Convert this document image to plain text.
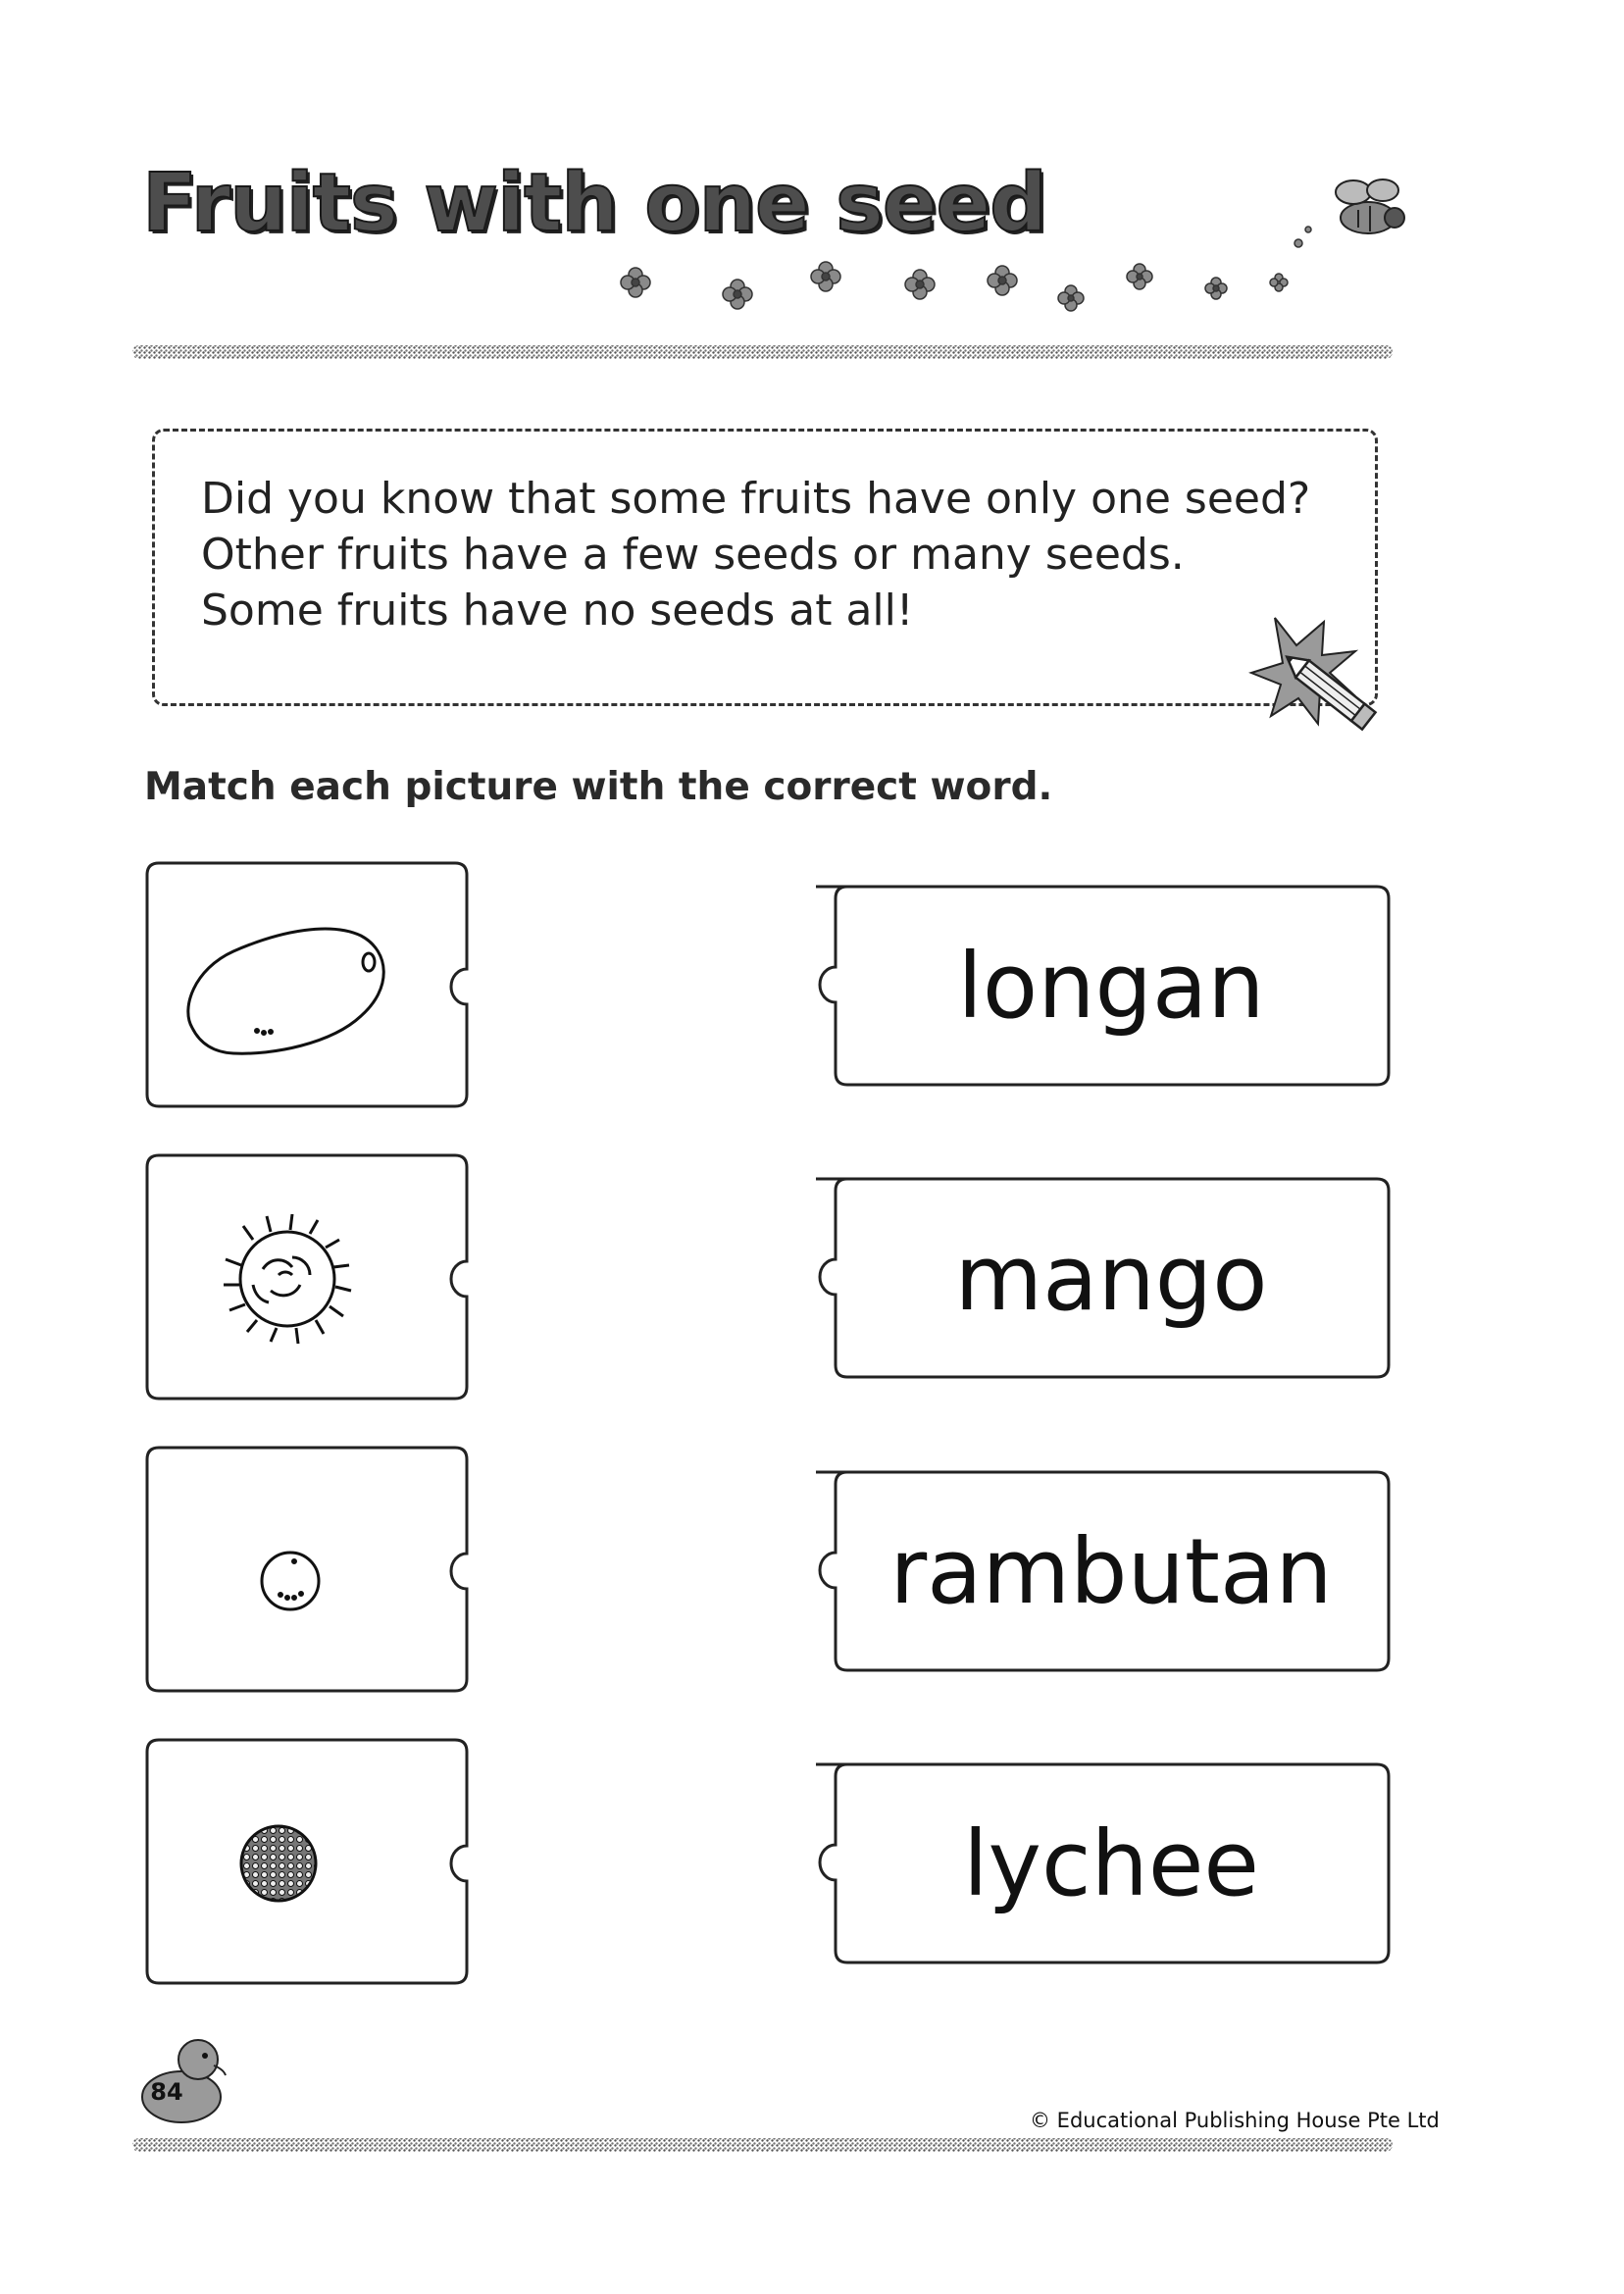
Fruits with one seed
Did you know that some fruits have only one seed?
Other fruits have a few seeds or many seeds.
Some fruits have no seeds at all!
Match each picture with the correct word.
longan
mango
rambutan
lychee
84
© Educational Publishing House Pte Ltd
